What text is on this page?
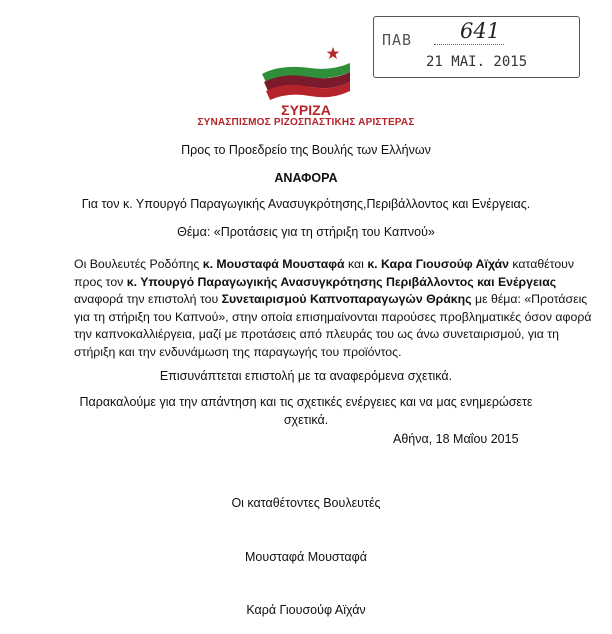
ΠΑΒ 641
21 MAI. 2015
ΣΥΡΙΖΑ
ΣΥΝΑΣΠΙΣΜΟΣ ΡΙΖΟΣΠΑΣΤΙΚΗΣ ΑΡΙΣΤΕΡΑΣ
Προς το Προεδρείο της Βουλής των Ελλήνων
ΑΝΑΦΟΡΑ
Για τον κ. Υπουργό Παραγωγικής Ανασυγκρότησης,Περιβάλλοντος και Ενέργειας.
Θέμα: «Προτάσεις για τη στήριξη του Καπνού»
Οι Βουλευτές Ροδόπης κ. Μουσταφά Μουσταφά και κ. Καρα Γιουσούφ Αϊχάν καταθέτουν προς τον κ. Υπουργό Παραγωγικής Ανασυγκρότησης Περιβάλλοντος και Ενέργειας αναφορά την επιστολή του Συνεταιρισμού Καπνοπαραγωγών Θράκης με θέμα: «Προτάσεις για τη στήριξη του Καπνού», στην οποία επισημαίνονται παρούσες προβληματικές όσον αφορά την καπνοκαλλιέργεια, μαζί με προτάσεις από πλευράς του ως άνω συνεταιρισμού, για τη στήριξη και την ενδυνάμωση της παραγωγής του προϊόντος.
Επισυνάπτεται επιστολή με τα αναφερόμενα σχετικά.
Παρακαλούμε για την απάντηση και τις σχετικές ενέργειες και να μας ενημερώσετε
σχετικά.
Αθήνα, 18 Μαΐου 2015
Οι καταθέτοντες Βουλευτές
Μουσταφά Μουσταφά
Καρά Γιουσούφ Αϊχάν
